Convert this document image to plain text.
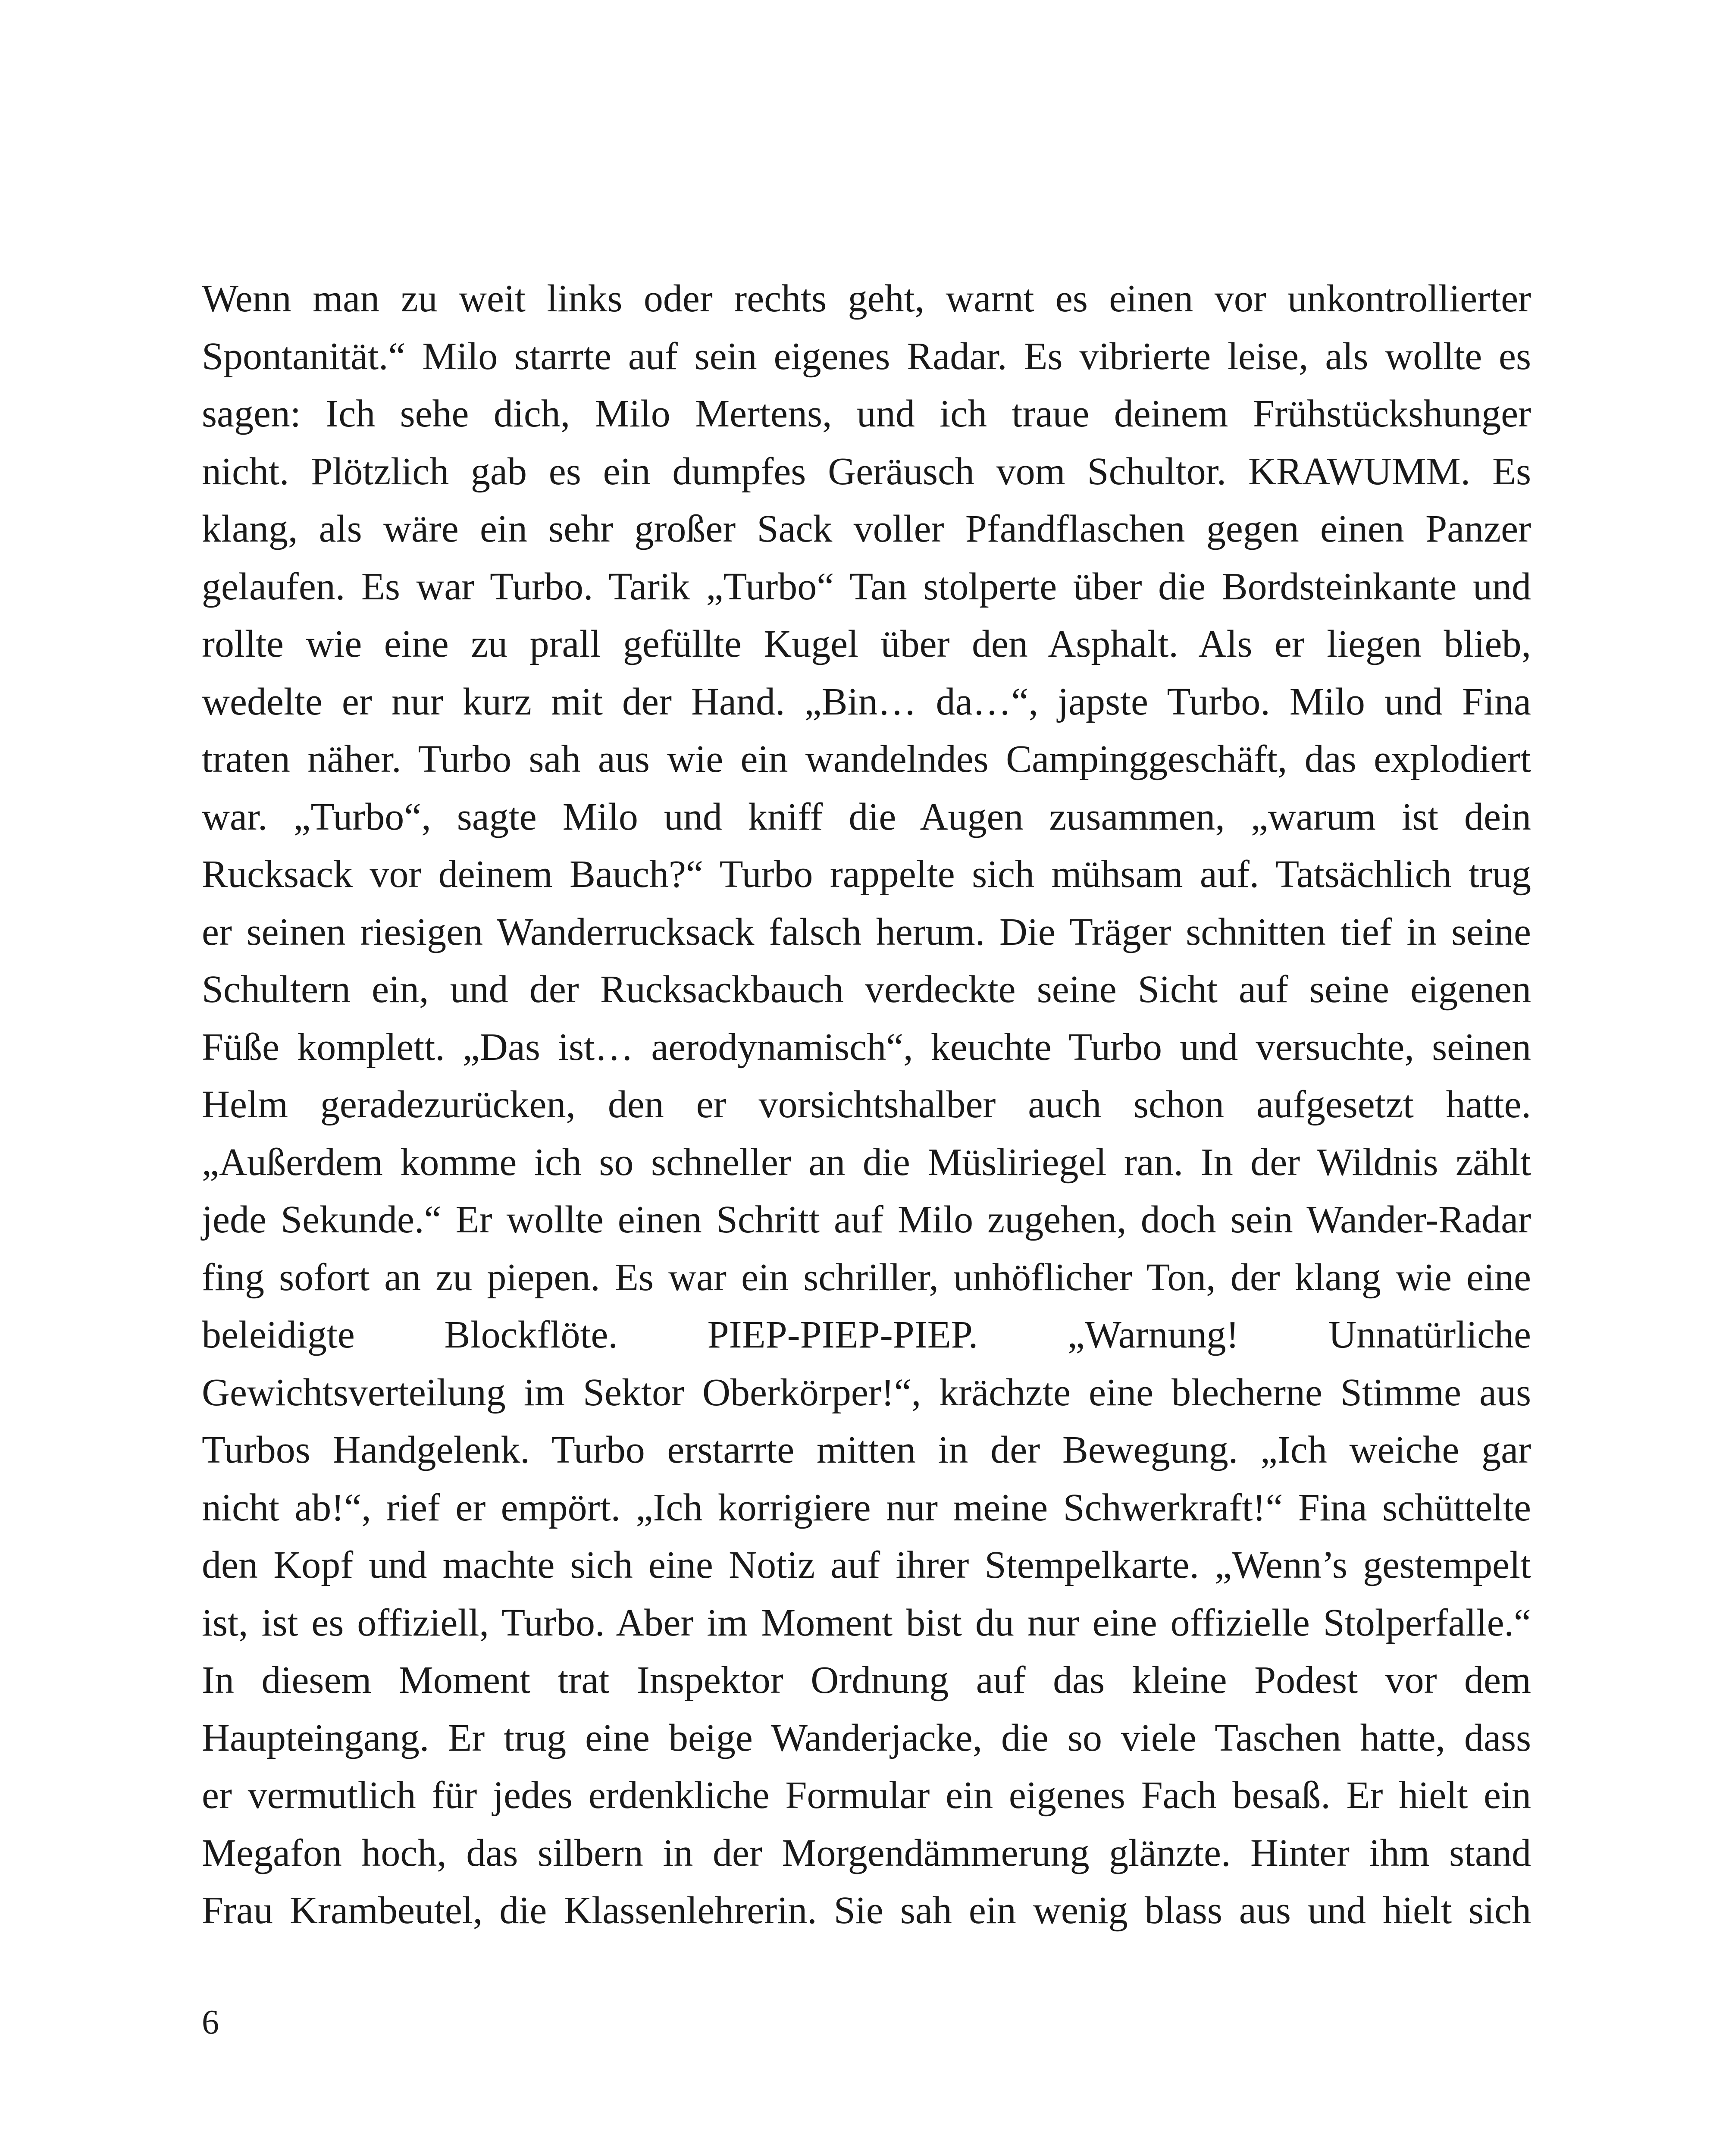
Wenn man zu weit links oder rechts geht, warnt es einen vor unkontrollierter
Spontanität.“ Milo starrte auf sein eigenes Radar. Es vibrierte leise, als wollte es
sagen: Ich sehe dich, Milo Mertens, und ich traue deinem Frühstückshunger
nicht. Plötzlich gab es ein dumpfes Geräusch vom Schultor. KRAWUMM. Es
klang, als wäre ein sehr großer Sack voller Pfandflaschen gegen einen Panzer
gelaufen. Es war Turbo. Tarik „Turbo“ Tan stolperte über die Bordsteinkante und
rollte wie eine zu prall gefüllte Kugel über den Asphalt. Als er liegen blieb,
wedelte er nur kurz mit der Hand. „Bin… da…“, japste Turbo. Milo und Fina
traten näher. Turbo sah aus wie ein wandelndes Campinggeschäft, das explodiert
war. „Turbo“, sagte Milo und kniff die Augen zusammen, „warum ist dein
Rucksack vor deinem Bauch?“ Turbo rappelte sich mühsam auf. Tatsächlich trug
er seinen riesigen Wanderrucksack falsch herum. Die Träger schnitten tief in seine
Schultern ein, und der Rucksackbauch verdeckte seine Sicht auf seine eigenen
Füße komplett. „Das ist… aerodynamisch“, keuchte Turbo und versuchte, seinen
Helm geradezurücken, den er vorsichtshalber auch schon aufgesetzt hatte.
„Außerdem komme ich so schneller an die Müsliriegel ran. In der Wildnis zählt
jede Sekunde.“ Er wollte einen Schritt auf Milo zugehen, doch sein Wander-Radar
fing sofort an zu piepen. Es war ein schriller, unhöflicher Ton, der klang wie eine
beleidigte Blockflöte. PIEP-PIEP-PIEP. „Warnung! Unnatürliche
Gewichtsverteilung im Sektor Oberkörper!“, krächzte eine blecherne Stimme aus
Turbos Handgelenk. Turbo erstarrte mitten in der Bewegung. „Ich weiche gar
nicht ab!“, rief er empört. „Ich korrigiere nur meine Schwerkraft!“ Fina schüttelte
den Kopf und machte sich eine Notiz auf ihrer Stempelkarte. „Wenn’s gestempelt
ist, ist es offiziell, Turbo. Aber im Moment bist du nur eine offizielle Stolperfalle.“
In diesem Moment trat Inspektor Ordnung auf das kleine Podest vor dem
Haupteingang. Er trug eine beige Wanderjacke, die so viele Taschen hatte, dass
er vermutlich für jedes erdenkliche Formular ein eigenes Fach besaß. Er hielt ein
Megafon hoch, das silbern in der Morgendämmerung glänzte. Hinter ihm stand
Frau Krambeutel, die Klassenlehrerin. Sie sah ein wenig blass aus und hielt sich
6
